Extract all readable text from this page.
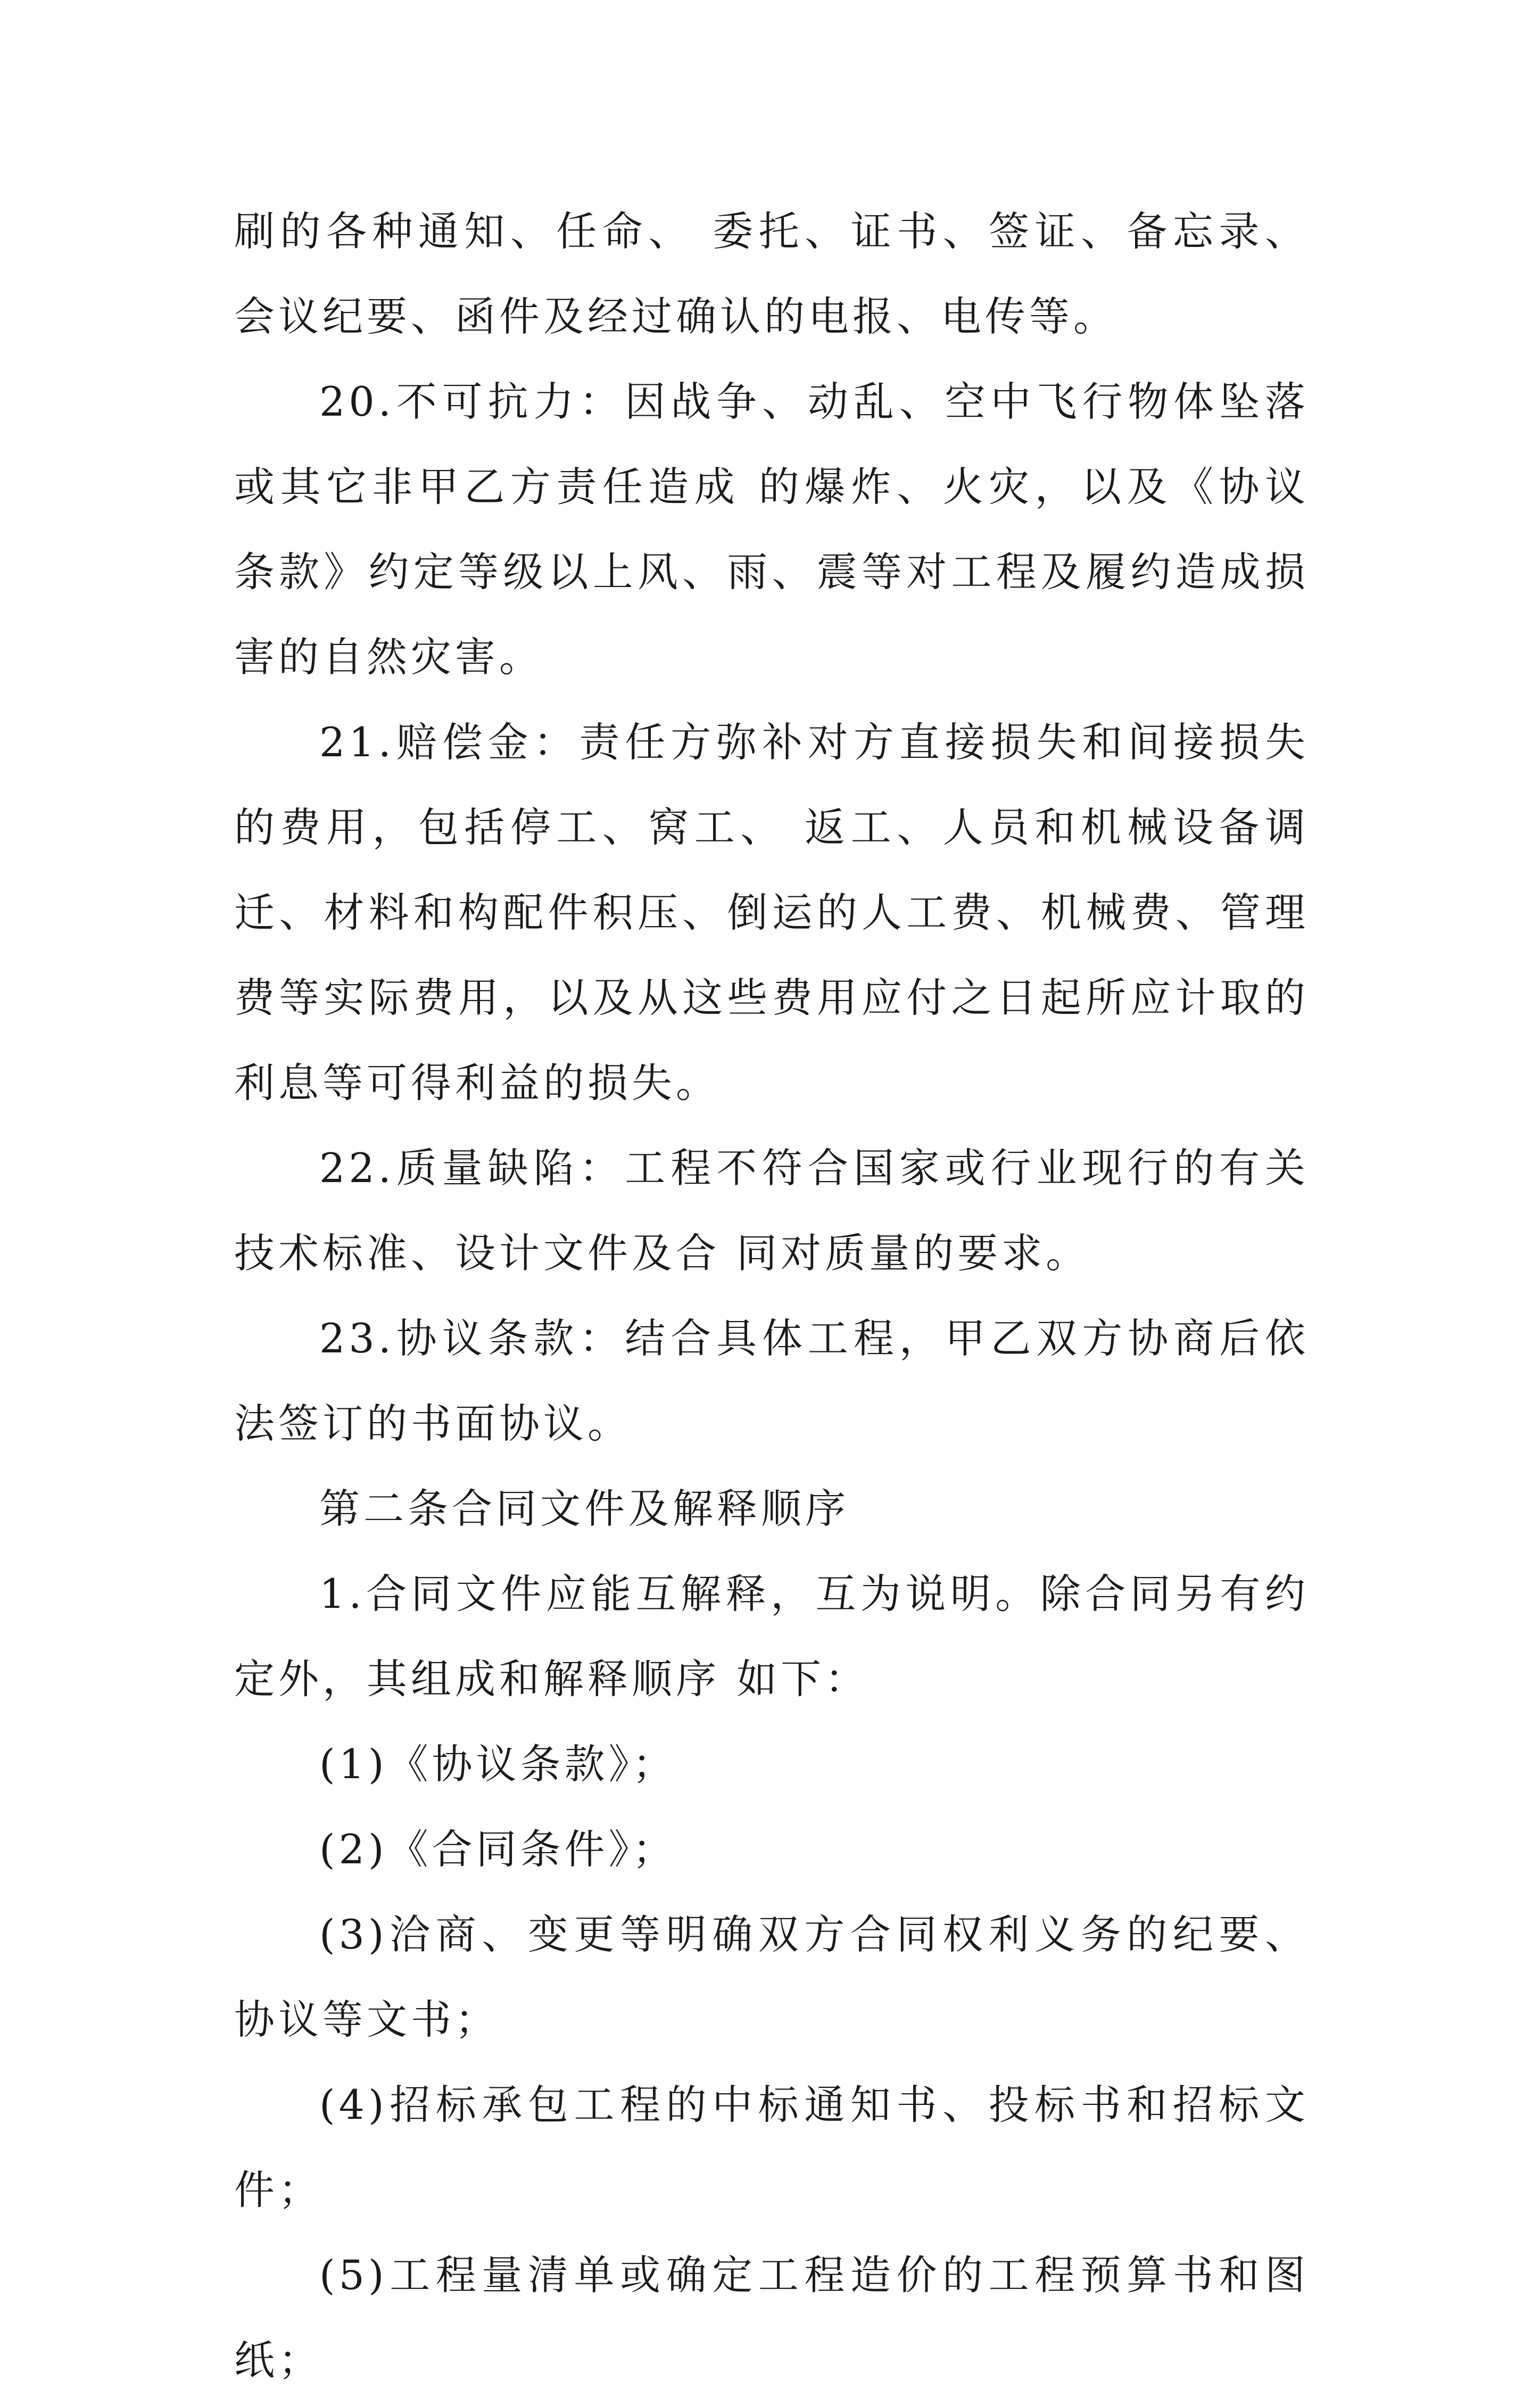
刷的各种通知、任命、 委托、证书、签证、备忘录、会议纪要、函件及经过确认的电报、电传等。

20.不可抗力：因战争、动乱、空中飞行物体坠落或其它非甲乙方责任造成 的爆炸、火灾，以及《协议条款》约定等级以上风、雨、震等对工程及履约造成损 害的自然灾害。

21.赔偿金：责任方弥补对方直接损失和间接损失的费用，包括停工、窝工、 返工、人员和机械设备调迁、材料和构配件积压、倒运的人工费、机械费、管理 费等实际费用，以及从这些费用应付之日起所应计取的利息等可得利益的损失。

22.质量缺陷：工程不符合国家或行业现行的有关技术标准、设计文件及合 同对质量的要求。

23.协议条款：结合具体工程，甲乙双方协商后依法签订的书面协议。

第二条合同文件及解释顺序

1.合同文件应能互解释，互为说明。除合同另有约定外，其组成和解释顺序 如下：

(1)《协议条款》；

(2)《合同条件》；

(3)洽商、变更等明确双方合同权利义务的纪要、协议等文书；

(4)招标承包工程的中标通知书、投标书和招标文件；

(5)工程量清单或确定工程造价的工程预算书和图纸；
